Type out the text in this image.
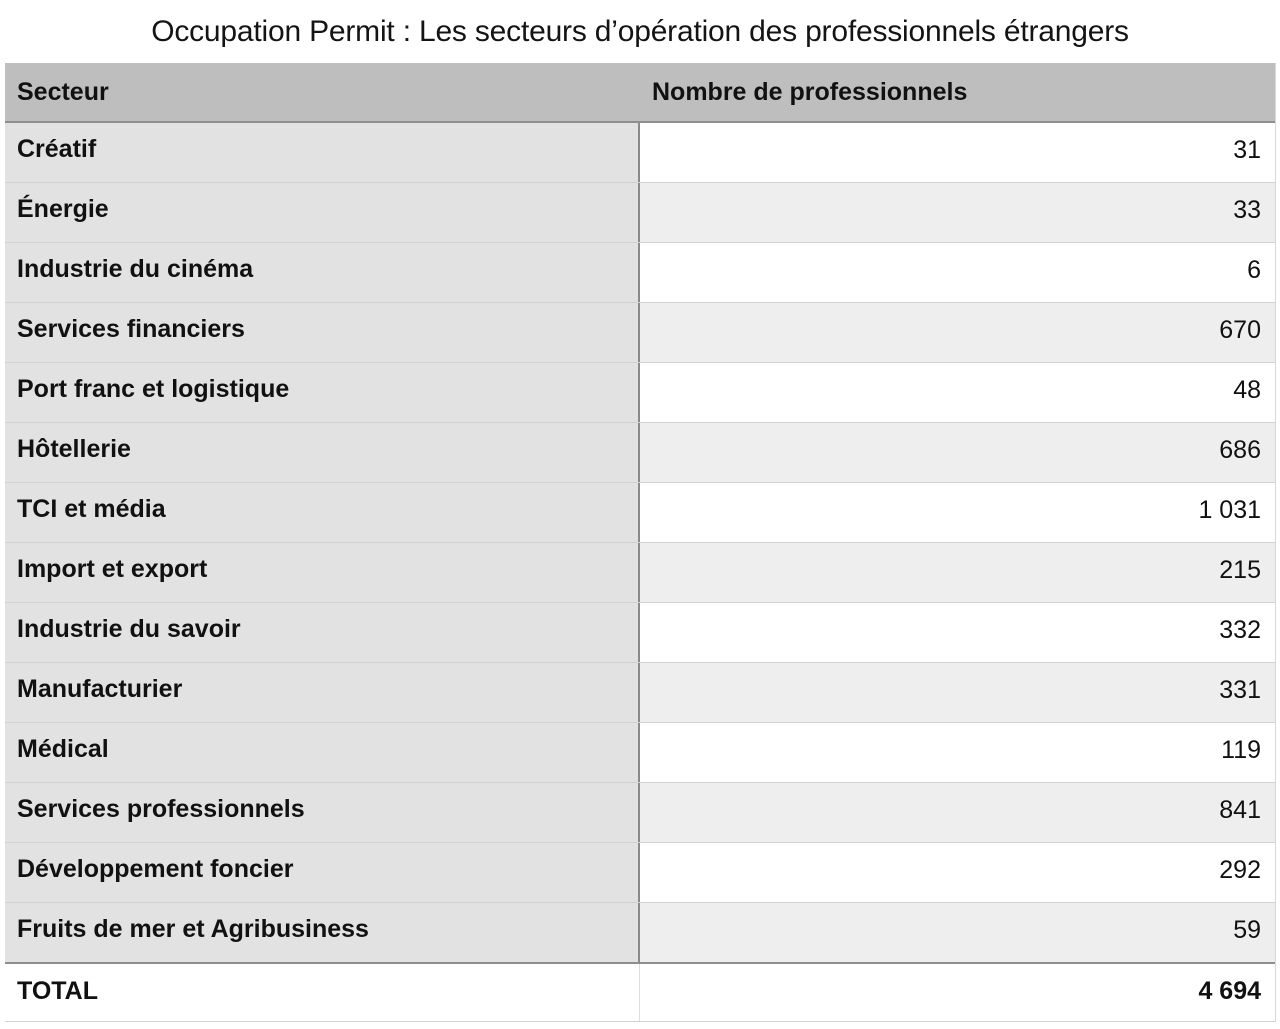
Occupation Permit : Les secteurs d’opération des professionnels étrangers
Secteur	Nombre de professionnels
Créatif	31
Énergie	33
Industrie du cinéma	6
Services financiers	670
Port franc et logistique	48
Hôtellerie	686
TCI et média	1 031
Import et export	215
Industrie du savoir	332
Manufacturier	331
Médical	119
Services professionnels	841
Développement foncier	292
Fruits de mer et Agribusiness	59
TOTAL	4 694
